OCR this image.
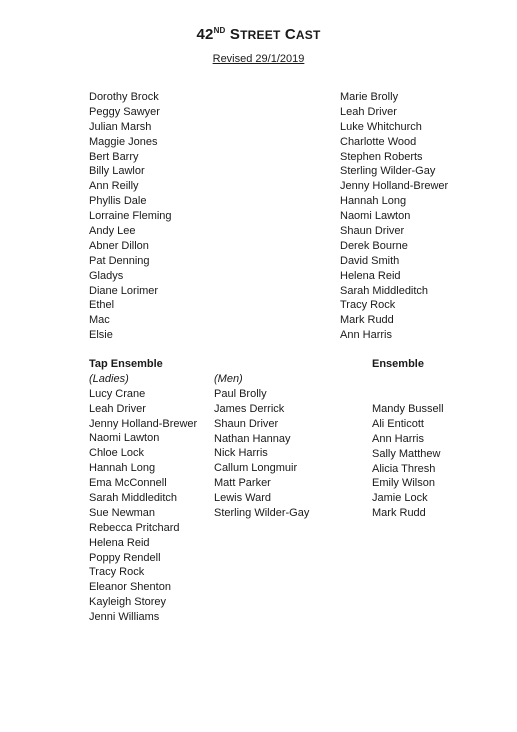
42ND STREET CAST
Revised 29/1/2019
Dorothy Brock
Peggy Sawyer
Julian Marsh
Maggie Jones
Bert Barry
Billy Lawlor
Ann Reilly
Phyllis Dale
Lorraine Fleming
Andy Lee
Abner Dillon
Pat Denning
Gladys
Diane Lorimer
Ethel
Mac
Elsie
Marie Brolly
Leah Driver
Luke Whitchurch
Charlotte Wood
Stephen Roberts
Sterling Wilder-Gay
Jenny Holland-Brewer
Hannah Long
Naomi Lawton
Shaun Driver
Derek Bourne
David Smith
Helena Reid
Sarah Middleditch
Tracy Rock
Mark Rudd
Ann Harris
Tap Ensemble
(Ladies)
Lucy Crane
Leah Driver
Jenny Holland-Brewer
Naomi Lawton
Chloe Lock
Hannah Long
Ema McConnell
Sarah Middleditch
Sue Newman
Rebecca Pritchard
Helena Reid
Poppy Rendell
Tracy Rock
Eleanor Shenton
Kayleigh Storey
Jenni Williams
(Men)
Paul Brolly
James Derrick
Shaun Driver
Nathan Hannay
Nick Harris
Callum Longmuir
Matt Parker
Lewis Ward
Sterling Wilder-Gay
Ensemble
Mandy Bussell
Ali Enticott
Ann Harris
Sally Matthew
Alicia Thresh
Emily Wilson
Jamie Lock
Mark Rudd
